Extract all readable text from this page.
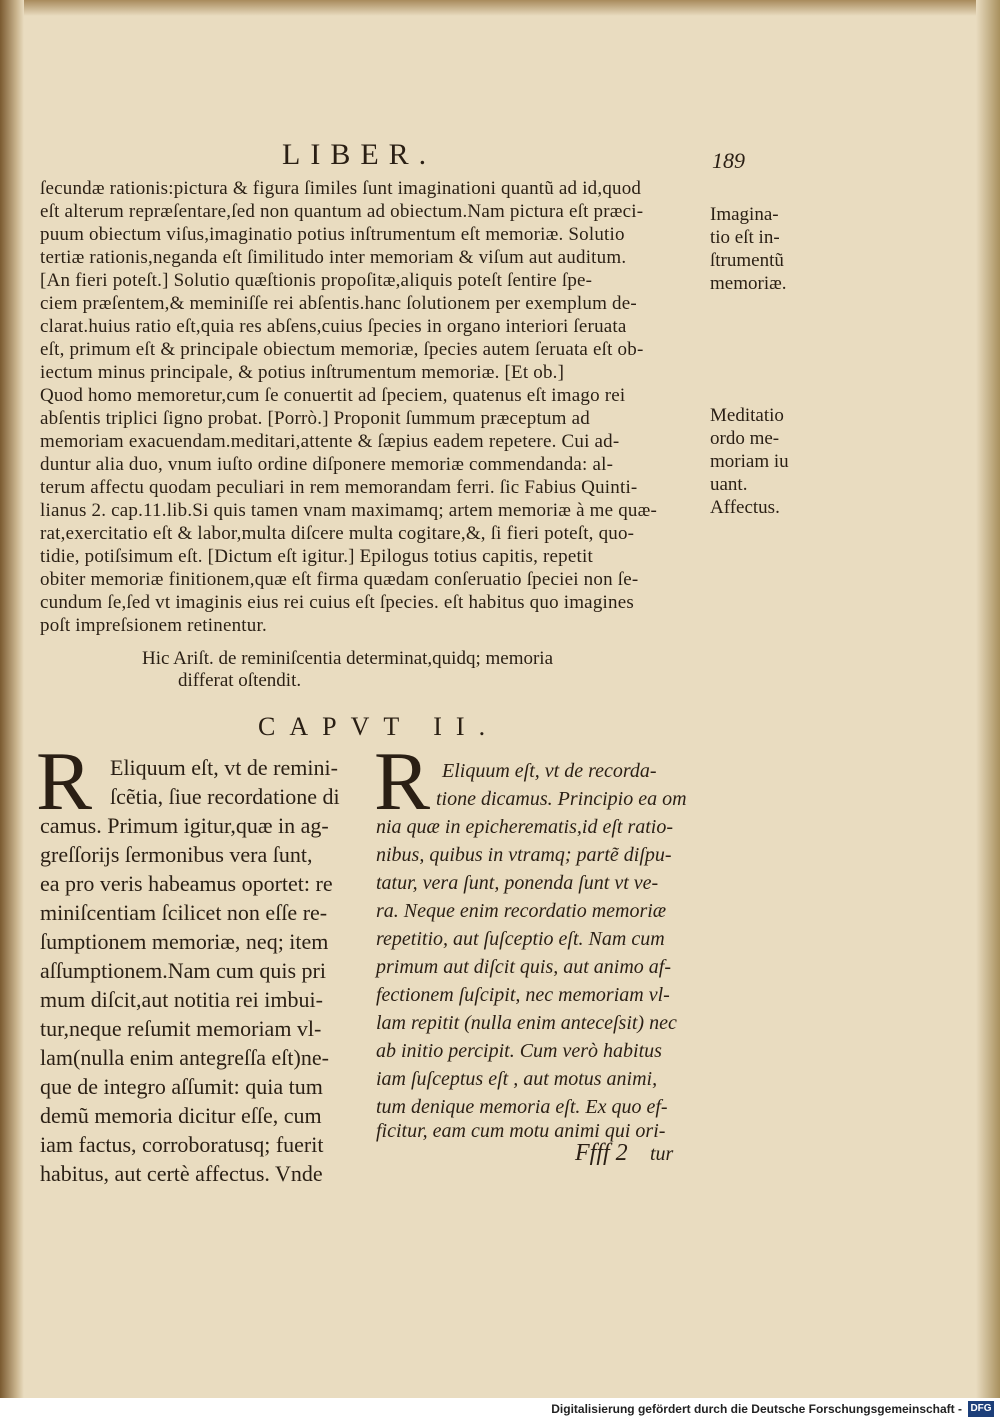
LIBER.	189
ſecundæ rationis:pictura & figura ſimiles ſunt imaginationi quantũ ad id,quod
eſt alterum repræſentare,ſed non quantum ad obiectum.Nam pictura eſt præci-
puum obiectum viſus,imaginatio potius inſtrumentum eſt memoriæ. Solutio
tertiæ rationis,neganda eſt ſimilitudo inter memoriam & viſum aut auditum.
[An fieri poteſt.] Solutio quæſtionis propoſitæ,aliquis poteſt ſentire ſpe-
ciem præſentem,& meminiſſe rei abſentis.hanc ſolutionem per exemplum de-
clarat.huius ratio eſt,quia res abſens,cuius ſpecies in organo interiori ſeruata
eſt, primum eſt & principale obiectum memoriæ, ſpecies autem ſeruata eſt ob-
iectum minus principale, & potius inſtrumentum memoriæ. [Et ob.]
Quod homo memoretur,cum ſe conuertit ad ſpeciem, quatenus eſt imago rei
abſentis triplici ſigno probat. [Porrò.] Proponit ſummum præceptum ad
memoriam exacuendam.meditari,attente & ſæpius eadem repetere. Cui ad-
duntur alia duo, vnum iuſto ordine diſponere memoriæ commendanda: al-
terum affectu quodam peculiari in rem memorandam ferri. ſic Fabius Quinti-
lianus 2. cap.11.lib.Si quis tamen vnam maximamq; artem memoriæ à me quæ-
rat,exercitatio eſt & labor,multa diſcere multa cogitare,&, ſi fieri poteſt, quo-
tidie, potiſsimum eſt. [Dictum eſt igitur.] Epilogus totius capitis, repetit
obiter memoriæ finitionem,quæ eſt firma quædam conſeruatio ſpeciei non ſe-
cundum ſe,ſed vt imaginis eius rei cuius eſt ſpecies. eſt habitus quo imagines
poſt impreſsionem retinentur.
Imagina-
tio eſt in-
ſtrumentũ
memoriæ.
Meditatio
ordo me-
moriam iu
uant.
Affectus.
Hic Ariſt. de reminiſcentia determinat,quidq; memoria
differat oſtendit.
CAPVT II.
R Eliquum eſt, vt de remini-
ſcẽtia, ſiue recordatione di
camus. Primum igitur,quæ in ag-
greſſorijs ſermonibus vera ſunt,
ea pro veris habeamus oportet: re
miniſcentiam ſcilicet non eſſe re-
ſumptionem memoriæ, neq; item
aſſumptionem.Nam cum quis pri
mum diſcit,aut notitia rei imbui-
tur,neque reſumit memoriam vl-
lam(nulla enim antegreſſa eſt)ne-
que de integro aſſumit: quia tum
demũ memoria dicitur eſſe, cum
iam factus, corroboratusq; fuerit
habitus, aut certè affectus. Vnde
R Eliquum eſt, vt de recorda-
tione dicamus. Principio ea om
nia quæ in epicherematis,id eſt ratio-
nibus, quibus in vtramq; partẽ diſpu-
tatur, vera ſunt, ponenda ſunt vt ve-
ra. Neque enim recordatio memoriæ
repetitio, aut ſuſceptio eſt. Nam cum
primum aut diſcit quis, aut animo af-
fectionem ſuſcipit, nec memoriam vl-
lam repitit (nulla enim anteceſsit) nec
ab initio percipit. Cum verò habitus
iam ſuſceptus eſt , aut motus animi,
tum denique memoria eſt. Ex quo ef-
ficitur, eam cum motu animi qui ori-
Ffff 2 tur
Digitalisierung gefördert durch die Deutsche Forschungsgemeinschaft - DFG
